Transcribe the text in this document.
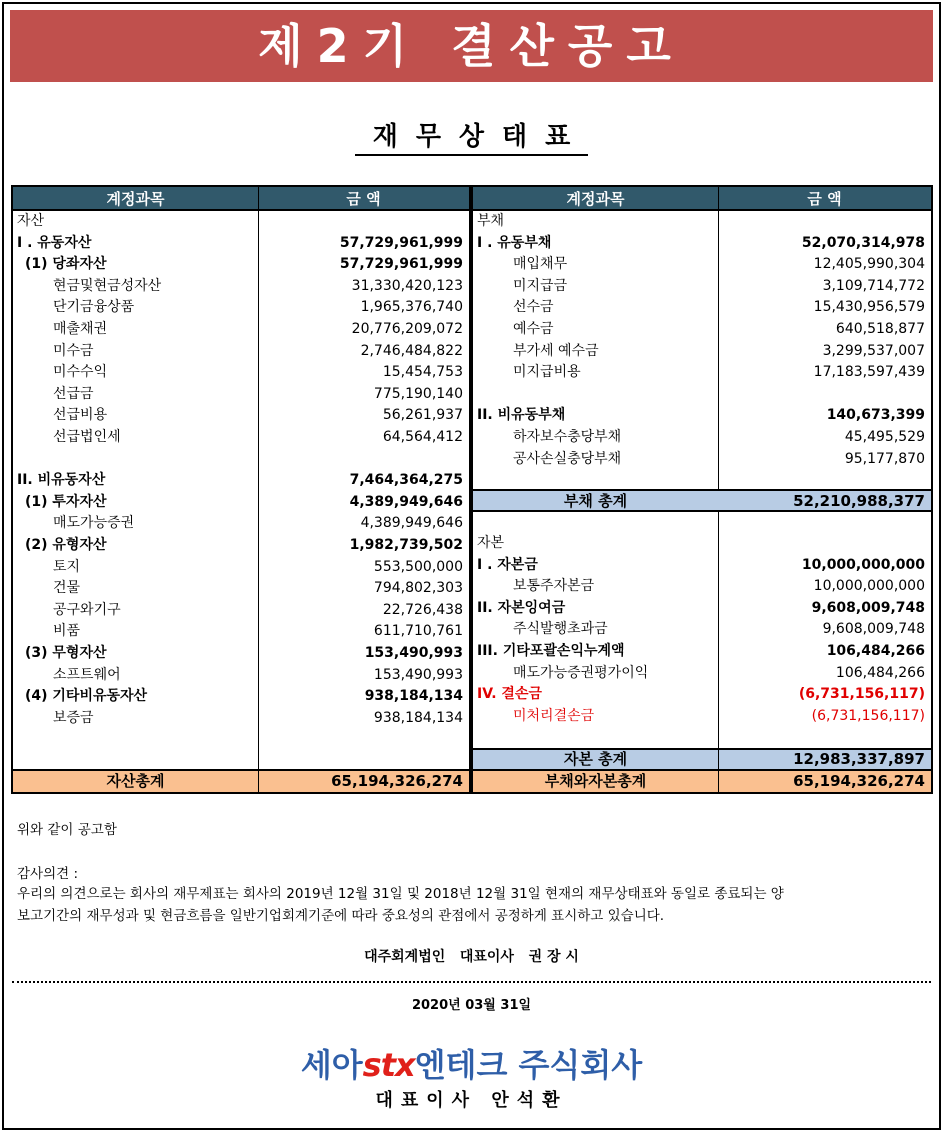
제2기 결산공고
재무상태표
계정과목	금 액
자산
I . 유동자산	57,729,961,999
(1) 당좌자산	57,729,961,999
현금및현금성자산	31,330,420,123
단기금융상품	1,965,376,740
매출채권	20,776,209,072
미수금	2,746,484,822
미수수익	15,454,753
선급금	775,190,140
선급비용	56,261,937
선급법인세	64,564,412
II. 비유동자산	7,464,364,275
(1) 투자자산	4,389,949,646
매도가능증권	4,389,949,646
(2) 유형자산	1,982,739,502
토지	553,500,000
건물	794,802,303
공구와기구	22,726,438
비품	611,710,761
(3) 무형자산	153,490,993
소프트웨어	153,490,993
(4) 기타비유동자산	938,184,134
보증금	938,184,134
자산총계	65,194,326,274
계정과목	금 액
부채
I . 유동부채	52,070,314,978
매입채무	12,405,990,304
미지급금	3,109,714,772
선수금	15,430,956,579
예수금	640,518,877
부가세 예수금	3,299,537,007
미지급비용	17,183,597,439
II. 비유동부채	140,673,399
하자보수충당부채	45,495,529
공사손실충당부채	95,177,870
부채 총계	52,210,988,377
자본
I . 자본금	10,000,000,000
보통주자본금	10,000,000,000
II. 자본잉여금	9,608,009,748
주식발행초과금	9,608,009,748
III. 기타포괄손익누계액	106,484,266
매도가능증권평가이익	106,484,266
IV. 결손금	(6,731,156,117)
미처리결손금	(6,731,156,117)
자본 총계	12,983,337,897
부채와자본총계	65,194,326,274
위와 같이 공고함
감사의견 :
우리의 의견으로는 회사의 재무제표는 회사의 2019년 12월 31일 및 2018년 12월 31일 현재의 재무상태표와 동일로 종료되는 양
보고기간의 재무성과 및 현금흐름을 일반기업회계기준에 따라 중요성의 관점에서 공정하게 표시하고 있습니다.
대주회계법인   대표이사   권 장 시
2020년 03월 31일
세아stx엔테크 주식회사
대표이사 안석환
